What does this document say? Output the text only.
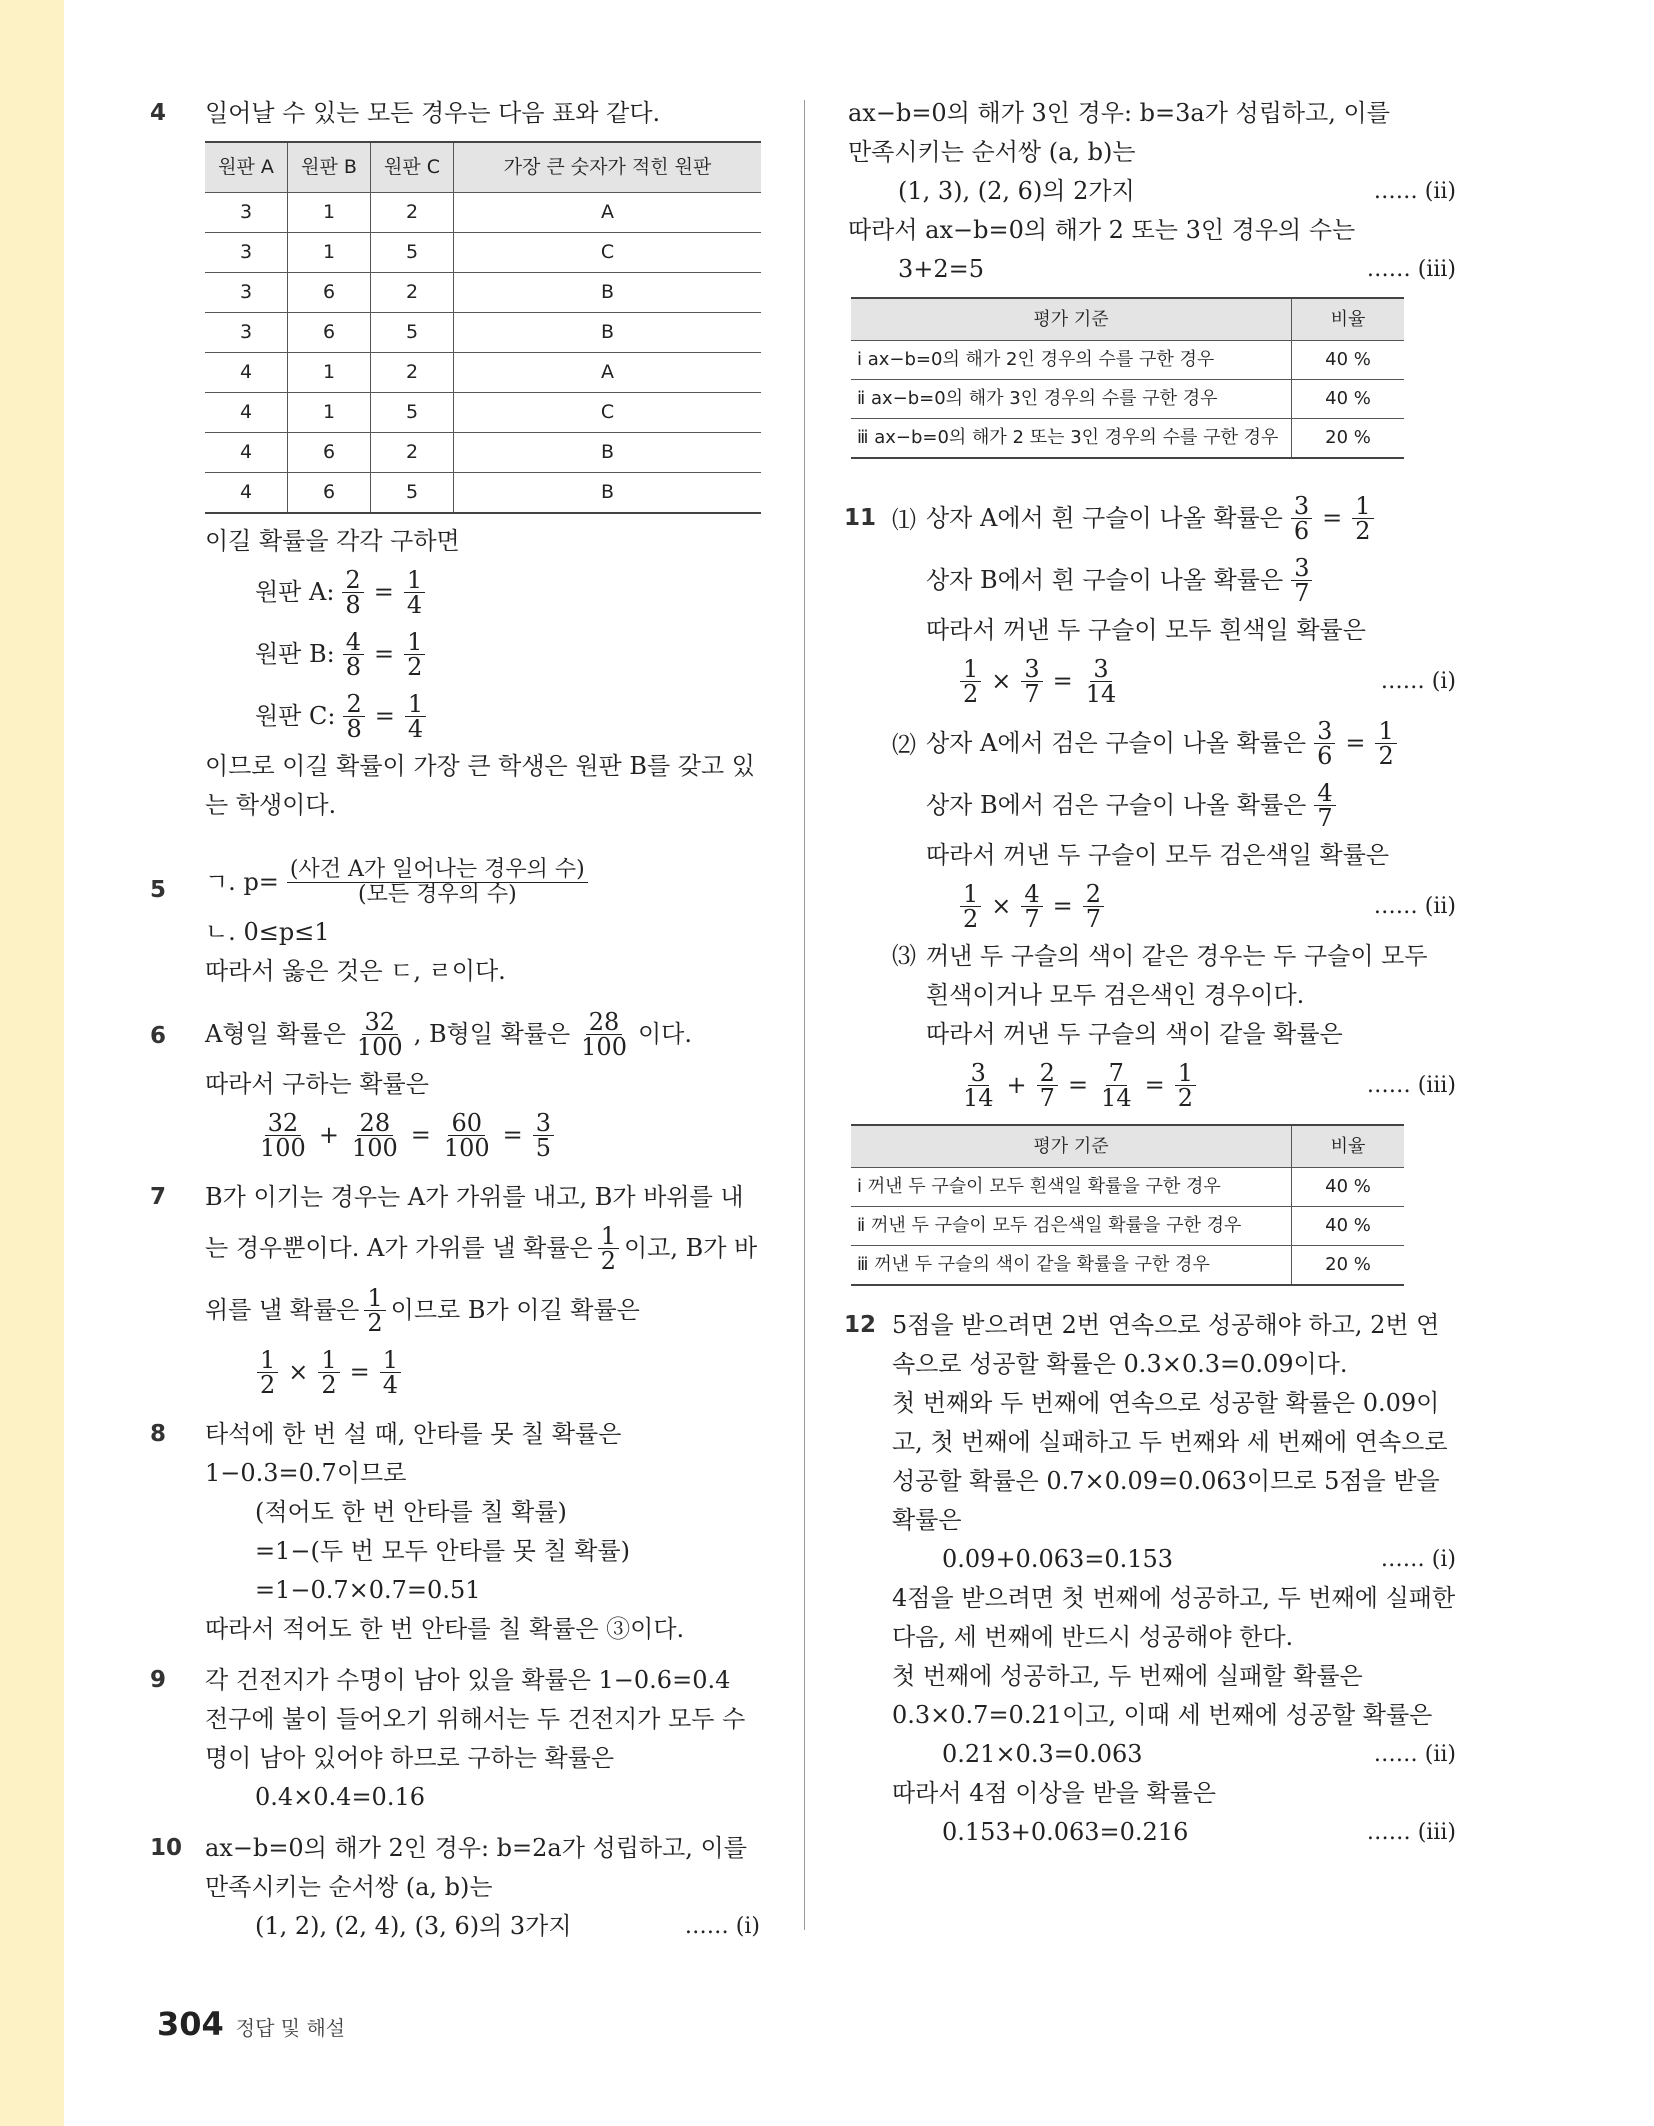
4 일어날 수 있는 모든 경우는 다음 표와 같다.
원판 A	원판 B	원판 C	가장 큰 숫자가 적힌 원판
3	1	2	A
3	1	5	C
3	6	2	B
3	6	5	B
4	1	2	A
4	1	5	C
4	6	2	B
4	6	5	B
이길 확률을 각각 구하면
원판 A: $\frac{2}{8} = \frac{1}{4}$
원판 B: $\frac{4}{8} = \frac{1}{2}$
원판 C: $\frac{2}{8} = \frac{1}{4}$
이므로 이길 확률이 가장 큰 학생은 원판 B를 갖고 있
는 학생이다.
5 ㄱ. $p= \frac{\text{(사건 A가 일어나는 경우의 수)}}{\text{(모든 경우의 수)}}$
ㄴ. 0≤p≤1
따라서 옳은 것은 ㄷ, ㄹ이다.
6 A형일 확률은 $\frac{32}{100}$ , B형일 확률은 $\frac{28}{100}$ 이다.
따라서 구하는 확률은
$\frac{32}{100} + \frac{28}{100} = \frac{60}{100} = \frac{3}{5}$
7 B가 이기는 경우는 A가 가위를 내고, B가 바위를 내
는 경우뿐이다. A가 가위를 낼 확률은 $\frac{1}{2}$ 이고, B가 바
위를 낼 확률은 $\frac{1}{2}$ 이므로 B가 이길 확률은
$\frac{1}{2} \times \frac{1}{2} = \frac{1}{4}$
8 타석에 한 번 설 때, 안타를 못 칠 확률은
1−0.3=0.7이므로
(적어도 한 번 안타를 칠 확률)
=1−(두 번 모두 안타를 못 칠 확률)
=1−0.7×0.7=0.51
따라서 적어도 한 번 안타를 칠 확률은 ③이다.
9 각 건전지가 수명이 남아 있을 확률은 1−0.6=0.4
전구에 불이 들어오기 위해서는 두 건전지가 모두 수
명이 남아 있어야 하므로 구하는 확률은
0.4×0.4=0.16
10 ax−b=0의 해가 2인 경우: b=2a가 성립하고, 이를
만족시키는 순서쌍 (a, b)는
(1, 2), (2, 4), (3, 6)의 3가지	…… (ⅰ)
ax−b=0의 해가 3인 경우: b=3a가 성립하고, 이를
만족시키는 순서쌍 (a, b)는
(1, 3), (2, 6)의 2가지	…… (ⅱ)
따라서 ax−b=0의 해가 2 또는 3인 경우의 수는
3+2=5	…… (ⅲ)
평가 기준	비율
ⅰ ax−b=0의 해가 2인 경우의 수를 구한 경우	40 %
ⅱ ax−b=0의 해가 3인 경우의 수를 구한 경우	40 %
ⅲ ax−b=0의 해가 2 또는 3인 경우의 수를 구한 경우	20 %
11 ⑴ 상자 A에서 흰 구슬이 나올 확률은 $\frac{3}{6} = \frac{1}{2}$
상자 B에서 흰 구슬이 나올 확률은 $\frac{3}{7}$
따라서 꺼낸 두 구슬이 모두 흰색일 확률은
$\frac{1}{2} \times \frac{3}{7} = \frac{3}{14}$	…… (ⅰ)
⑵ 상자 A에서 검은 구슬이 나올 확률은 $\frac{3}{6} = \frac{1}{2}$
상자 B에서 검은 구슬이 나올 확률은 $\frac{4}{7}$
따라서 꺼낸 두 구슬이 모두 검은색일 확률은
$\frac{1}{2} \times \frac{4}{7} = \frac{2}{7}$	…… (ⅱ)
⑶ 꺼낸 두 구슬의 색이 같은 경우는 두 구슬이 모두
흰색이거나 모두 검은색인 경우이다.
따라서 꺼낸 두 구슬의 색이 같을 확률은
$\frac{3}{14} + \frac{2}{7} = \frac{7}{14} = \frac{1}{2}$	…… (ⅲ)
평가 기준	비율
ⅰ 꺼낸 두 구슬이 모두 흰색일 확률을 구한 경우	40 %
ⅱ 꺼낸 두 구슬이 모두 검은색일 확률을 구한 경우	40 %
ⅲ 꺼낸 두 구슬의 색이 같을 확률을 구한 경우	20 %
12 5점을 받으려면 2번 연속으로 성공해야 하고, 2번 연
속으로 성공할 확률은 0.3×0.3=0.09이다.
첫 번째와 두 번째에 연속으로 성공할 확률은 0.09이
고, 첫 번째에 실패하고 두 번째와 세 번째에 연속으로
성공할 확률은 0.7×0.09=0.063이므로 5점을 받을
확률은
0.09+0.063=0.153	…… (ⅰ)
4점을 받으려면 첫 번째에 성공하고, 두 번째에 실패한
다음, 세 번째에 반드시 성공해야 한다.
첫 번째에 성공하고, 두 번째에 실패할 확률은
0.3×0.7=0.21이고, 이때 세 번째에 성공할 확률은
0.21×0.3=0.063	…… (ⅱ)
따라서 4점 이상을 받을 확률은
0.153+0.063=0.216	…… (ⅲ)
304 정답 및 해설
